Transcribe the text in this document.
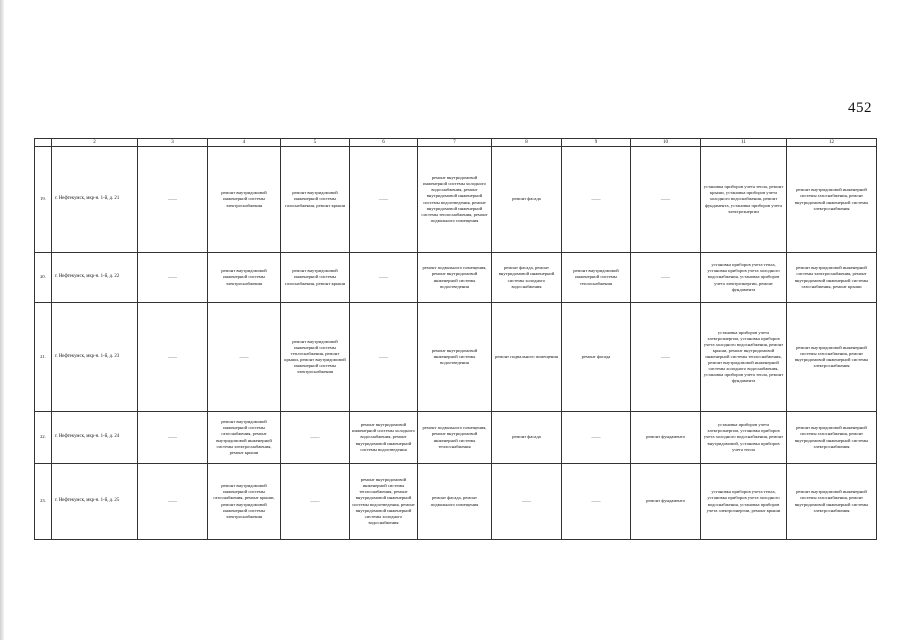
452
	2	3	4	5	6	7	8	9	10	11	12
19.	г. Нефтекумск, мкр-н. 1-й, д. 21	——	ремонт внутридомовой инженерной системы электроснабжения	ремонт внутридомовой инженерной системы газоснабжения, ремонт крыши	——	ремонт внутридомовой инженерной системы холодного водоснабжения, ремонт внутридомовой инженерной системы водоотведения, ремонт внутридомовой инженерной системы теплоснабжения, ремонт подвального помещения	ремонт фасада	——	——	установка приборов учета тепла, ремонт крыши, установка приборов учета холодного водоснабжения, ремонт фундамента, установка приборов учета электроэнергии	ремонт внутридомовой инженерной системы газоснабжения, ремонт внутридомовой инженерной системы электроснабжения
20.	г. Нефтекумск, мкр-н. 1-й, д. 22	——	ремонт внутридомовой инженерной системы электроснабжения	ремонт внутридомовой инженерной системы газоснабжения, ремонт крыши	——	ремонт подвального помещения, ремонт внутридомовой инженерной системы водоотведения	ремонт фасада, ремонт внутридомовой инженерной системы холодного водоснабжения	ремонт внутридомовой инженерной системы теплоснабжения	——	установка приборов учета тепла, установка приборов учета холодного водоснабжения, установка приборов учета электроэнергии, ремонт фундамента	ремонт внутридомовой инженерной системы электроснабжения, ремонт внутридомовой инженерной системы газоснабжения, ремонт крыши
21.	г. Нефтекумск, мкр-н. 1-й, д. 23	——	——	ремонт внутридомовой инженерной системы теплоснабжения, ремонт крыши, ремонт внутридомовой инженерной системы электроснабжения	——	ремонт внутридомовой инженерной системы водоотведения	ремонт подвального помещения	ремонт фасада	——	установка приборов учета электроэнергии, установка приборов учета холодного водоснабжения, ремонт крыши, ремонт внутридомовой инженерной системы теплоснабжения, ремонт внутридомовой инженерной системы холодного водоснабжения, установка приборов учета тепла, ремонт фундамента	ремонт внутридомовой инженерной системы газоснабжения, ремонт внутридомовой инженерной системы электроснабжения
22.	г. Нефтекумск, мкр-н. 1-й, д. 24	——	ремонт внутридомовой инженерной системы газоснабжения, ремонт внутридомовой инженерной системы электроснабжения, ремонт крыши	——	ремонт внутридомовой инженерной системы холодного водоснабжения, ремонт внутридомовой инженерной системы водоотведения	ремонт подвального помещения, ремонт внутридомовой инженерной системы теплоснабжения	ремонт фасада	——	ремонт фундамента	установка приборов учета электроэнергии, установка приборов учета холодного водоснабжения, ремонт внутридомовой, установка приборов учета тепла	ремонт внутридомовой инженерной системы газоснабжения, ремонт внутридомовой инженерной системы электроснабжения
23.	г. Нефтекумск, мкр-н. 1-й, д. 25	——	ремонт внутридомовой инженерной системы газоснабжения, ремонт крыши, ремонт внутридомовой инженерной системы электроснабжения	——	ремонт внутридомовой инженерной системы теплоснабжения, ремонт внутридомовой инженерной системы водоотведения, ремонт внутридомовой инженерной системы холодного водоснабжения	ремонт фасада, ремонт подвального помещения	——	——	ремонт фундамента	установка приборов учета тепла, установка приборов учета холодного водоснабжения, установка приборов учета электроэнергии, ремонт крыши	ремонт внутридомовой инженерной системы газоснабжения, ремонт внутридомовой инженерной системы электроснабжения
